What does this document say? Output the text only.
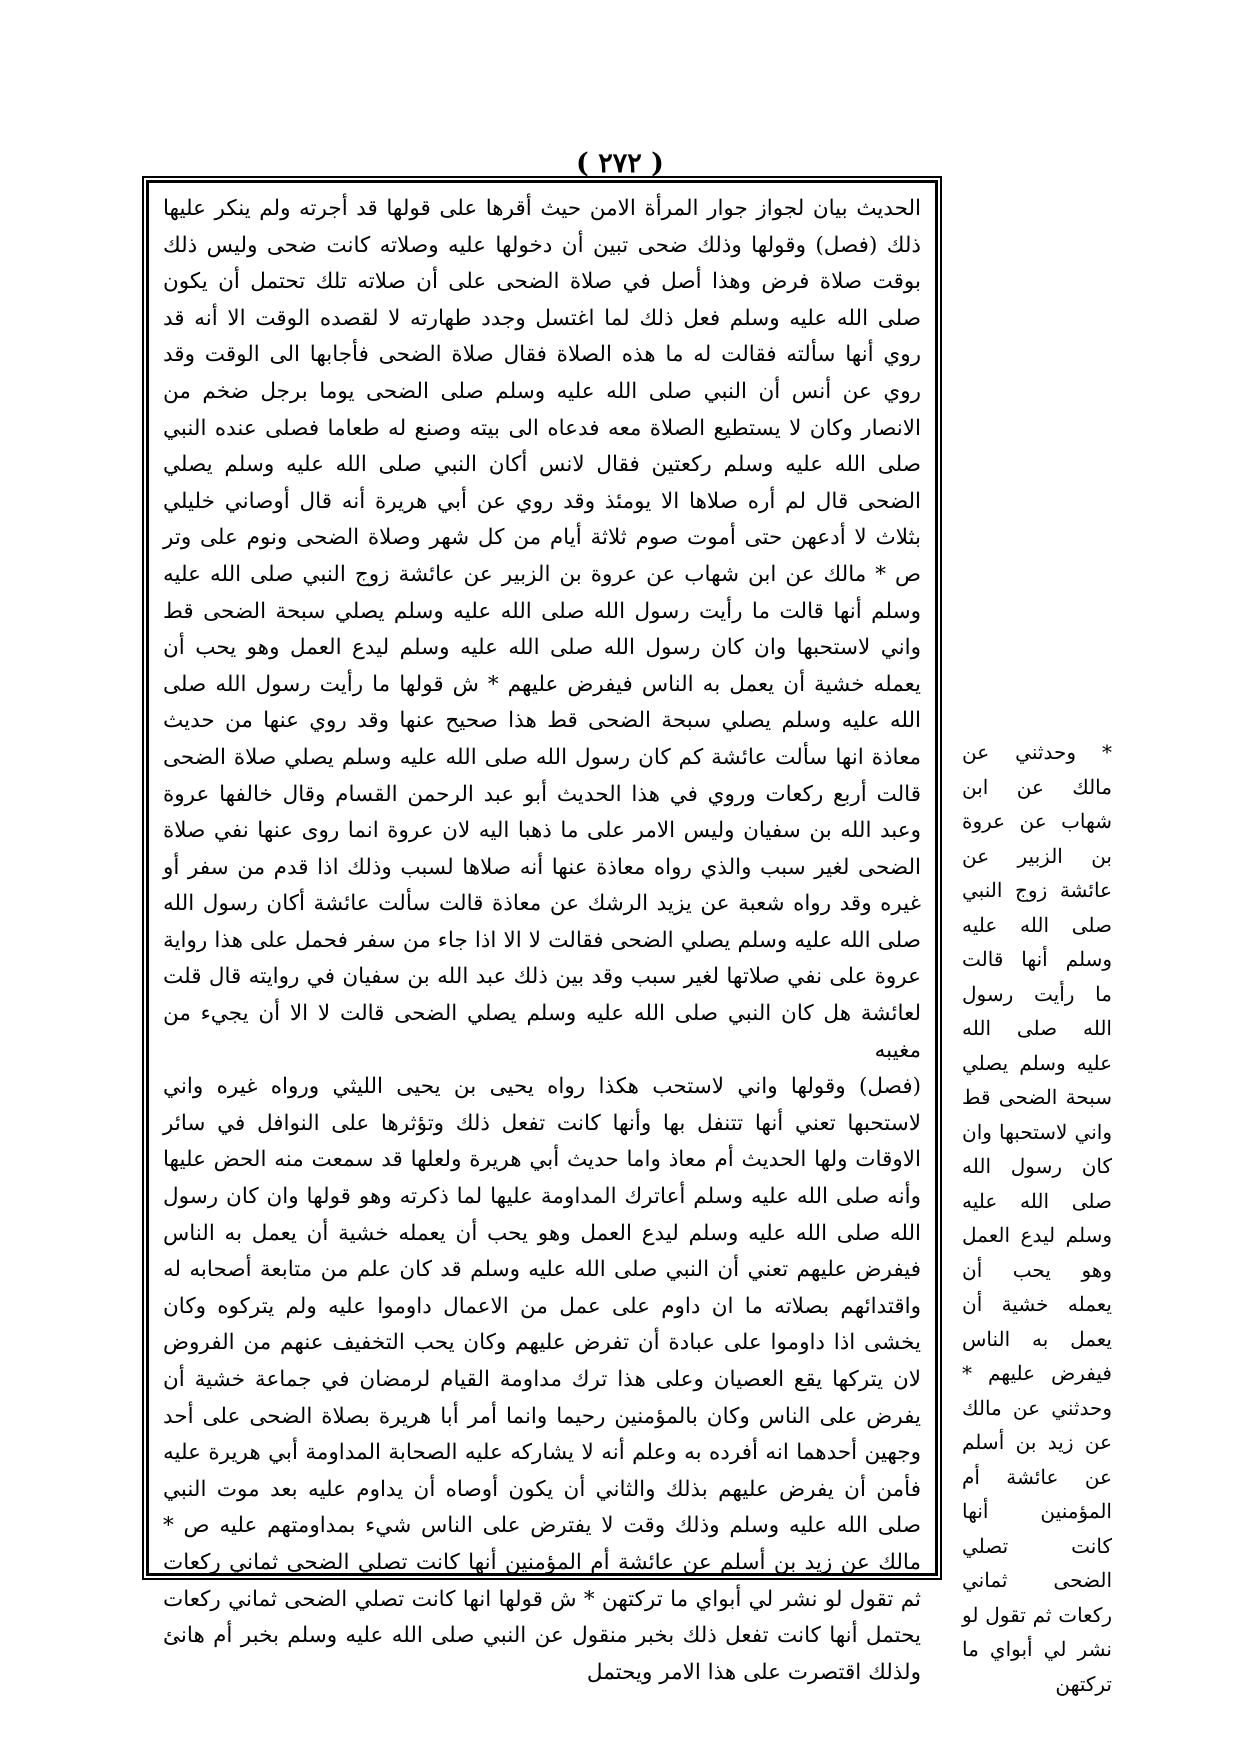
( ٢٧٢ )

الحديث بيان لجواز جوار المرأة الامن حيث أقرها على قولها قد أجرته ولم ينكر عليها ذلك (فصل) وقولها وذلك ضحى تبين أن دخولها عليه وصلاته كانت ضحى وليس ذلك بوقت صلاة فرض وهذا أصل في صلاة الضحى على أن صلاته تلك تحتمل أن يكون صلى الله عليه وسلم فعل ذلك لما اغتسل وجدد طهارته لا لقصده الوقت الا أنه قد روي أنها سألته فقالت له ما هذه الصلاة فقال صلاة الضحى فأجابها الى الوقت وقد روي عن أنس أن النبي صلى الله عليه وسلم صلى الضحى يوما برجل ضخم من الانصار وكان لا يستطيع الصلاة معه فدعاه الى بيته وصنع له طعاما فصلى عنده النبي صلى الله عليه وسلم ركعتين فقال لانس أكان النبي صلى الله عليه وسلم يصلي الضحى قال لم أره صلاها الا يومئذ وقد روي عن أبي هريرة أنه قال أوصاني خليلي بثلاث لا أدعهن حتى أموت صوم ثلاثة أيام من كل شهر وصلاة الضحى ونوم على وتر ص * مالك عن ابن شهاب عن عروة بن الزبير عن عائشة زوج النبي صلى الله عليه وسلم أنها قالت ما رأيت رسول الله صلى الله عليه وسلم يصلي سبحة الضحى قط واني لاستحبها وان كان رسول الله صلى الله عليه وسلم ليدع العمل وهو يحب أن يعمله خشية أن يعمل به الناس فيفرض عليهم * ش قولها ما رأيت رسول الله صلى الله عليه وسلم يصلي سبحة الضحى قط هذا صحيح عنها وقد روي عنها من حديث معاذة انها سألت عائشة كم كان رسول الله صلى الله عليه وسلم يصلي صلاة الضحى قالت أربع ركعات وروي في هذا الحديث أبو عبد الرحمن القسام وقال خالفها عروة وعبد الله بن سفيان وليس الامر على ما ذهبا اليه لان عروة انما روى عنها نفي صلاة الضحى لغير سبب والذي رواه معاذة عنها أنه صلاها لسبب وذلك اذا قدم من سفر أو غيره وقد رواه شعبة عن يزيد الرشك عن معاذة قالت سألت عائشة أكان رسول الله صلى الله عليه وسلم يصلي الضحى فقالت لا الا اذا جاء من سفر فحمل على هذا رواية عروة على نفي صلاتها لغير سبب وقد بين ذلك عبد الله بن سفيان في روايته قال قلت لعائشة هل كان النبي صلى الله عليه وسلم يصلي الضحى قالت لا الا أن يجيء من مغيبه

(فصل) وقولها واني لاستحب هكذا رواه يحيى بن يحيى الليثي ورواه غيره واني لاستحبها تعني أنها تتنفل بها وأنها كانت تفعل ذلك وتؤثرها على النوافل في سائر الاوقات ولها الحديث أم معاذ واما حديث أبي هريرة ولعلها قد سمعت منه الحض عليها وأنه صلى الله عليه وسلم أعاترك المداومة عليها لما ذكرته وهو قولها وان كان رسول الله صلى الله عليه وسلم ليدع العمل وهو يحب أن يعمله خشية أن يعمل به الناس فيفرض عليهم تعني أن النبي صلى الله عليه وسلم قد كان علم من متابعة أصحابه له واقتدائهم بصلاته ما ان داوم على عمل من الاعمال داوموا عليه ولم يتركوه وكان يخشى اذا داوموا على عبادة أن تفرض عليهم وكان يحب التخفيف عنهم من الفروض لان يتركها يقع العصيان وعلى هذا ترك مداومة القيام لرمضان في جماعة خشية أن يفرض على الناس وكان بالمؤمنين رحيما وانما أمر أبا هريرة بصلاة الضحى على أحد وجهين أحدهما انه أفرده به وعلم أنه لا يشاركه عليه الصحابة المداومة أبي هريرة عليه فأمن أن يفرض عليهم بذلك والثاني أن يكون أوصاه أن يداوم عليه بعد موت النبي صلى الله عليه وسلم وذلك وقت لا يفترض على الناس شيء بمداومتهم عليه ص * مالك عن زيد بن أسلم عن عائشة أم المؤمنين أنها كانت تصلي الضحى ثماني ركعات ثم تقول لو نشر لي أبواي ما تركتهن * ش قولها انها كانت تصلي الضحى ثماني ركعات يحتمل أنها كانت تفعل ذلك بخبر منقول عن النبي صلى الله عليه وسلم بخبر أم هانئ ولذلك اقتصرت على هذا الامر ويحتمل

* وحدثني عن مالك عن ابن شهاب عن عروة بن الزبير عن عائشة زوج النبي صلى الله عليه وسلم أنها قالت ما رأيت رسول الله صلى الله عليه وسلم يصلي سبحة الضحى قط واني لاستحبها وان كان رسول الله صلى الله عليه وسلم ليدع العمل وهو يحب أن يعمله خشية أن يعمل به الناس فيفرض عليهم * وحدثني عن مالك عن زيد بن أسلم عن عائشة أم المؤمنين أنها كانت تصلي الضحى ثماني ركعات ثم تقول لو نشر لي أبواي ما تركتهن
